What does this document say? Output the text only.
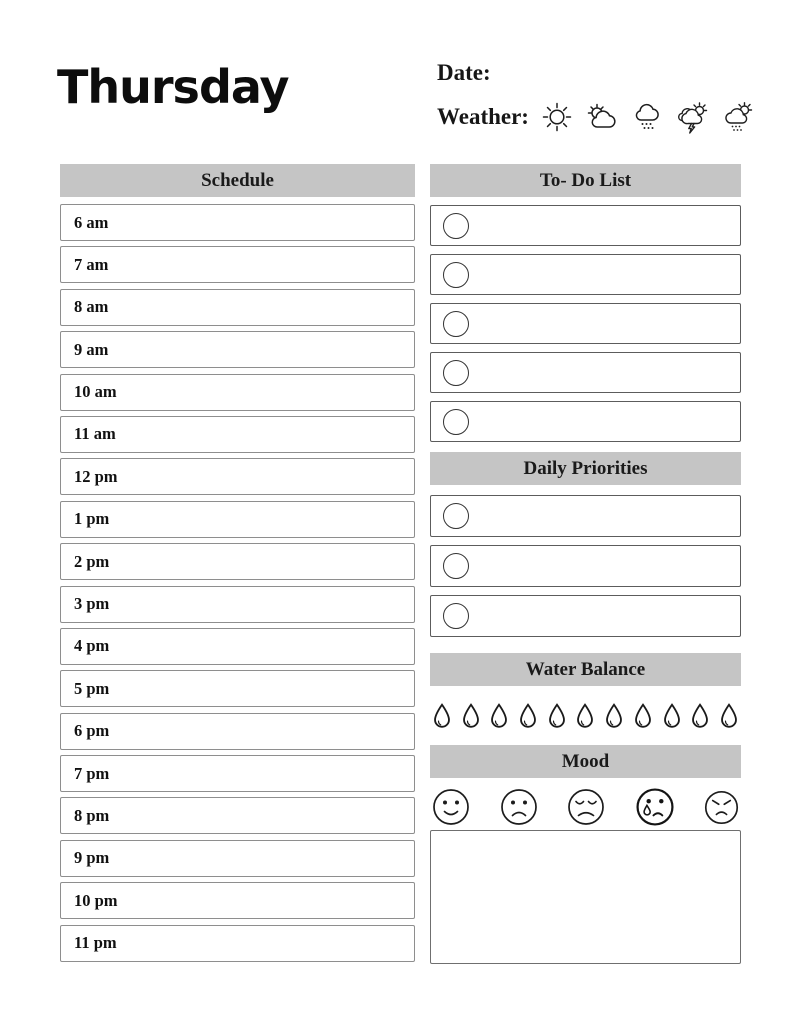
Thursday	Date:
Weather:
Schedule
6 am
7 am
8 am
9 am
10 am
11 am
12 pm
1 pm
2 pm
3 pm
4 pm
5 pm
6 pm
7 pm
8 pm
9 pm
10 pm
11 pm
To- Do List
Daily Priorities
Water Balance
Mood
